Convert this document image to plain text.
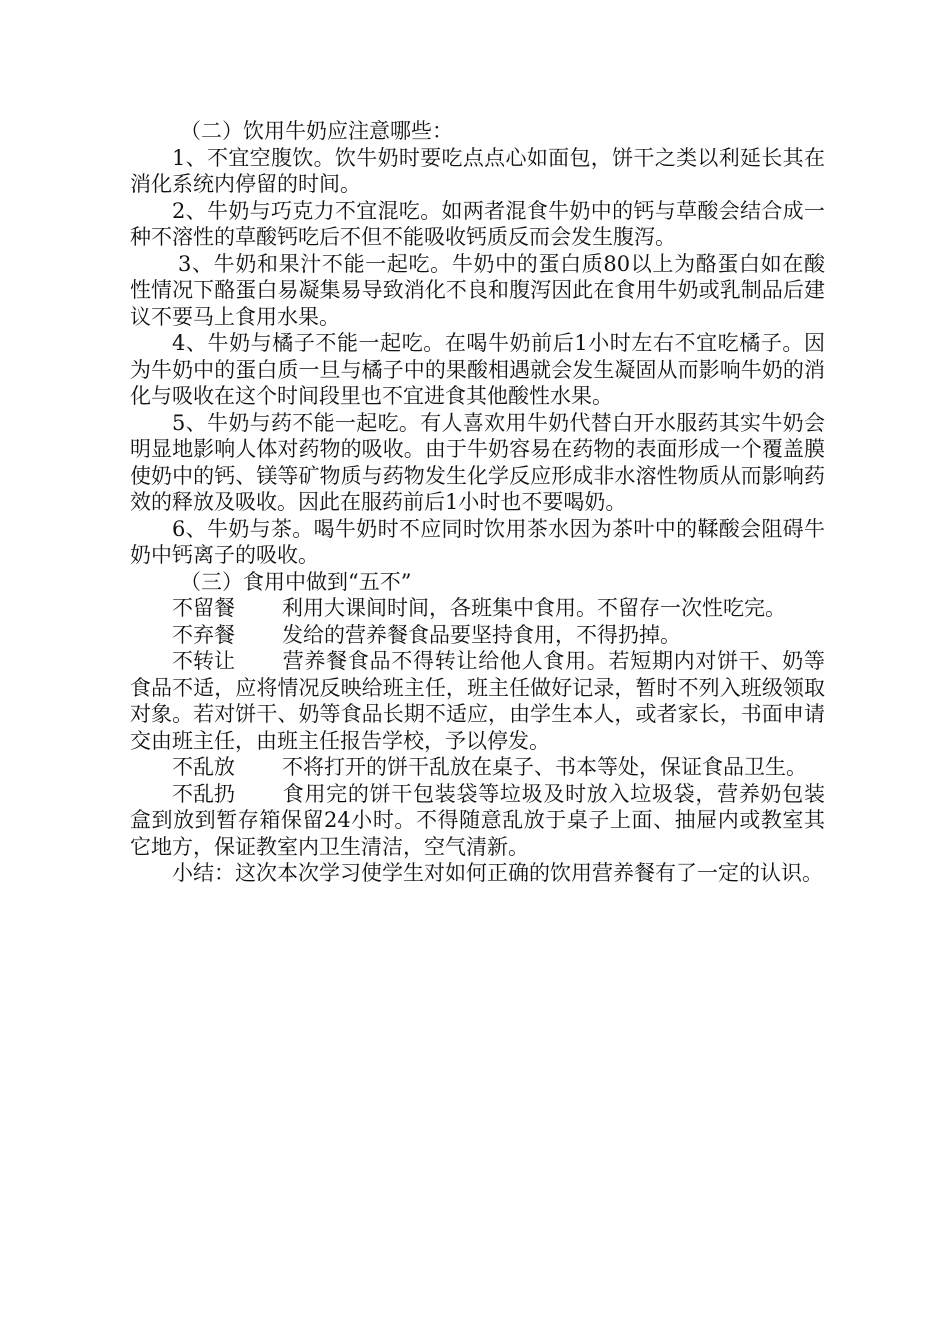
（二）饮用牛奶应注意哪些：

1、不宜空腹饮。饮牛奶时要吃点点心如面包，饼干之类以利延长其在消化系统内停留的时间。

2、牛奶与巧克力不宜混吃。如两者混食牛奶中的钙与草酸会结合成一种不溶性的草酸钙吃后不但不能吸收钙质反而会发生腹泻。

3、牛奶和果汁不能一起吃。牛奶中的蛋白质80以上为酪蛋白如在酸性情况下酪蛋白易凝集易导致消化不良和腹泻因此在食用牛奶或乳制品后建议不要马上食用水果。

4、牛奶与橘子不能一起吃。在喝牛奶前后1小时左右不宜吃橘子。因为牛奶中的蛋白质一旦与橘子中的果酸相遇就会发生凝固从而影响牛奶的消化与吸收在这个时间段里也不宜进食其他酸性水果。

5、牛奶与药不能一起吃。有人喜欢用牛奶代替白开水服药其实牛奶会明显地影响人体对药物的吸收。由于牛奶容易在药物的表面形成一个覆盖膜使奶中的钙、镁等矿物质与药物发生化学反应形成非水溶性物质从而影响药效的释放及吸收。因此在服药前后1小时也不要喝奶。

6、牛奶与茶。喝牛奶时不应同时饮用茶水因为茶叶中的鞣酸会阻碍牛奶中钙离子的吸收。

（三）食用中做到“五不”

不留餐 利用大课间时间，各班集中食用。不留存一次性吃完。

不弃餐 发给的营养餐食品要坚持食用，不得扔掉。

不转让 营养餐食品不得转让给他人食用。若短期内对饼干、奶等食品不适，应将情况反映给班主任，班主任做好记录，暂时不列入班级领取对象。若对饼干、奶等食品长期不适应，由学生本人，或者家长，书面申请交由班主任，由班主任报告学校，予以停发。

不乱放 不将打开的饼干乱放在桌子、书本等处，保证食品卫生。

不乱扔 食用完的饼干包装袋等垃圾及时放入垃圾袋，营养奶包装盒到放到暂存箱保留24小时。不得随意乱放于桌子上面、抽屉内或教室其它地方，保证教室内卫生清洁，空气清新。

小结：这次本次学习使学生对如何正确的饮用营养餐有了一定的认识。
